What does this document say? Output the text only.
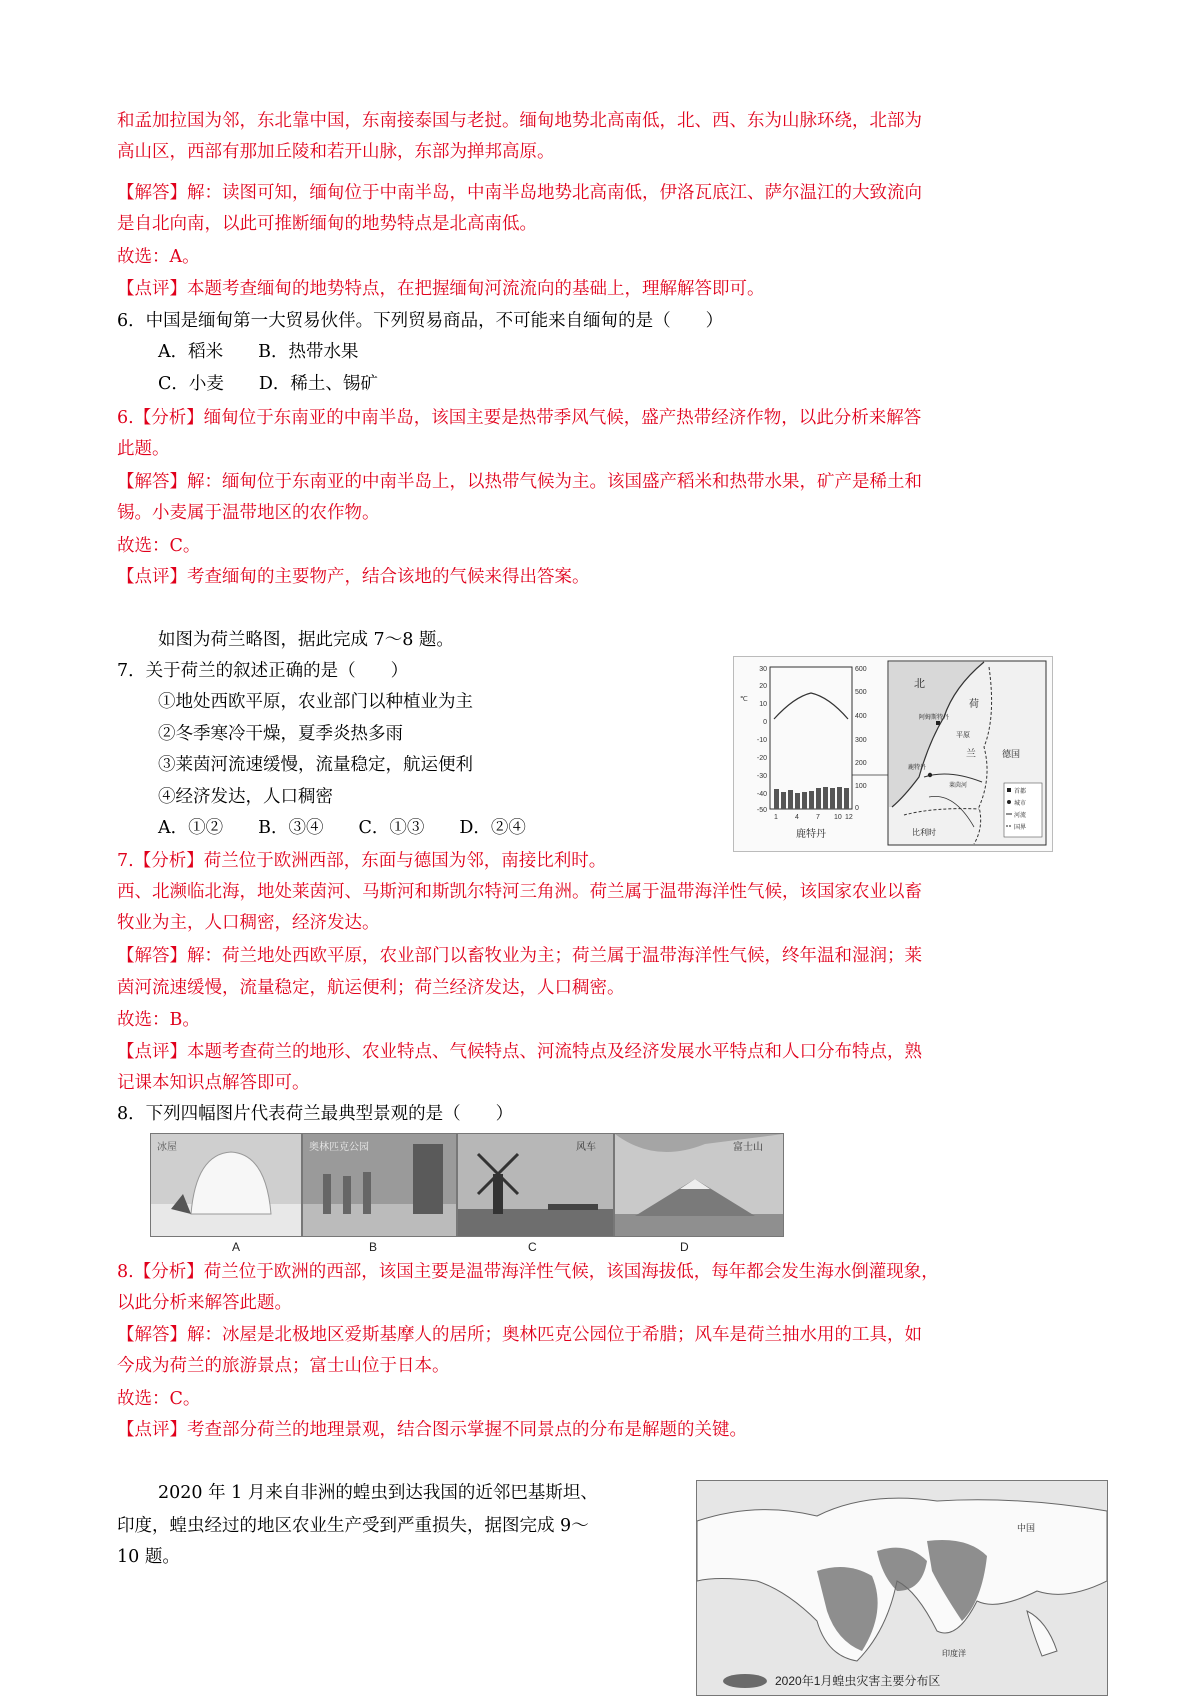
和孟加拉国为邻，东北靠中国，东南接泰国与老挝。缅甸地势北高南低，北、西、东为山脉环绕，北部为
高山区，西部有那加丘陵和若开山脉，东部为掸邦高原。
【解答】解：读图可知，缅甸位于中南半岛，中南半岛地势北高南低，伊洛瓦底江、萨尔温江的大致流向
是自北向南，以此可推断缅甸的地势特点是北高南低。
故选：A。
【点评】本题考查缅甸的地势特点，在把握缅甸河流流向的基础上，理解解答即可。
6．中国是缅甸第一大贸易伙伴。下列贸易商品，不可能来自缅甸的是（　　）
A．稻米　　B．热带水果
C．小麦　　D．稀土、锡矿
6.【分析】缅甸位于东南亚的中南半岛，该国主要是热带季风气候，盛产热带经济作物，以此分析来解答
此题。
【解答】解：缅甸位于东南亚的中南半岛上，以热带气候为主。该国盛产稻米和热带水果，矿产是稀土和
锡。小麦属于温带地区的农作物。
故选：C。
【点评】考查缅甸的主要物产，结合该地的气候来得出答案。
如图为荷兰略图，据此完成 7～8 题。
7．关于荷兰的叙述正确的是（　　）
①地处西欧平原，农业部门以种植业为主
②冬季寒冷干燥，夏季炎热多雨
③莱茵河流速缓慢，流量稳定，航运便利
④经济发达，人口稠密
A．①②　　B．③④　　C．①③　　D．②④
7.【分析】荷兰位于欧洲西部，东面与德国为邻，南接比利时。
西、北濒临北海，地处莱茵河、马斯河和斯凯尔特河三角洲。荷兰属于温带海洋性气候，该国家农业以畜
牧业为主，人口稠密，经济发达。
【解答】解：荷兰地处西欧平原，农业部门以畜牧业为主；荷兰属于温带海洋性气候，终年温和湿润；莱
茵河流速缓慢，流量稳定，航运便利；荷兰经济发达，人口稠密。
故选：B。
【点评】本题考查荷兰的地形、农业特点、气候特点、河流特点及经济发展水平特点和人口分布特点，熟
记课本知识点解答即可。
8．下列四幅图片代表荷兰最典型景观的是（　　）
8.【分析】荷兰位于欧洲的西部，该国主要是温带海洋性气候，该国海拔低，每年都会发生海水倒灌现象，
以此分析来解答此题。
【解答】解：冰屋是北极地区爱斯基摩人的居所；奥林匹克公园位于希腊；风车是荷兰抽水用的工具，如
今成为荷兰的旅游景点；富士山位于日本。
故选：C。
【点评】考查部分荷兰的地理景观，结合图示掌握不同景点的分布是解题的关键。
2020 年 1 月来自非洲的蝗虫到达我国的近邻巴基斯坦、
印度，蝗虫经过的地区农业生产受到严重损失，据图完成 9～
10 题。
30
20
10
0
-10
-20
-30
-40
-50
℃
600
500
400
300
200
100
0
1 4 7 10 12
鹿特丹
北
荷
兰	德国
阿姆斯特丹
鹿特丹
平原
莱茵河
比利时
首都
城市
河流
国界
冰屋	奥林匹克公园	风车	富士山
A	B	C	D
中国
印度洋
2020年1月蝗虫灾害主要分布区
